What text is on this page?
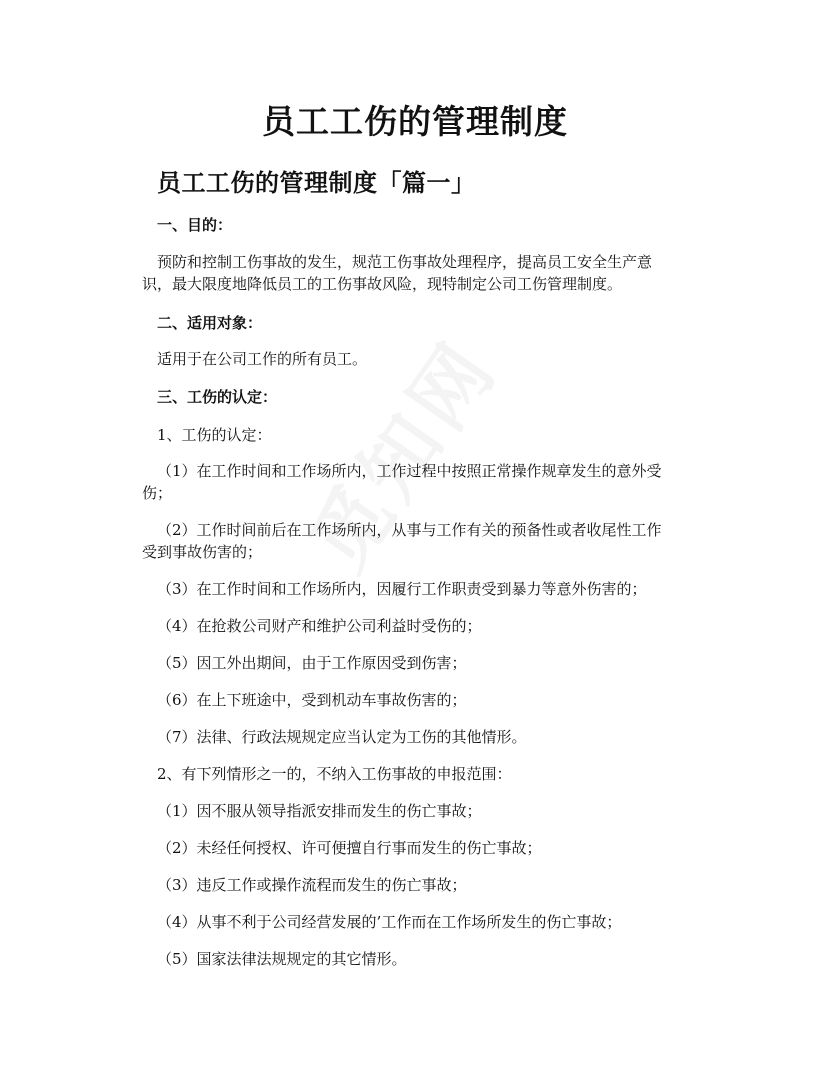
员工工伤的管理制度
员工工伤的管理制度「篇一」

一、目的：

预防和控制工伤事故的发生，规范工伤事故处理程序，提高员工安全生产意

识，最大限度地降低员工的工伤事故风险，现特制定公司工伤管理制度。

二、适用对象：

适用于在公司工作的所有员工。

三、工伤的认定：

1、工伤的认定：

（1）在工作时间和工作场所内，工作过程中按照正常操作规章发生的意外受

伤；

（2）工作时间前后在工作场所内，从事与工作有关的预备性或者收尾性工作

受到事故伤害的；

（3）在工作时间和工作场所内，因履行工作职责受到暴力等意外伤害的；

（4）在抢救公司财产和维护公司利益时受伤的；

（5）因工外出期间，由于工作原因受到伤害；

（6）在上下班途中，受到机动车事故伤害的；

（7）法律、行政法规规定应当认定为工伤的其他情形。

2、有下列情形之一的，不纳入工伤事故的申报范围：

（1）因不服从领导指派安排而发生的伤亡事故；

（2）未经任何授权、许可便擅自行事而发生的伤亡事故；

（3）违反工作或操作流程而发生的伤亡事故；

（4）从事不利于公司经营发展的’工作而在工作场所发生的伤亡事故；

（5）国家法律法规规定的其它情形。
